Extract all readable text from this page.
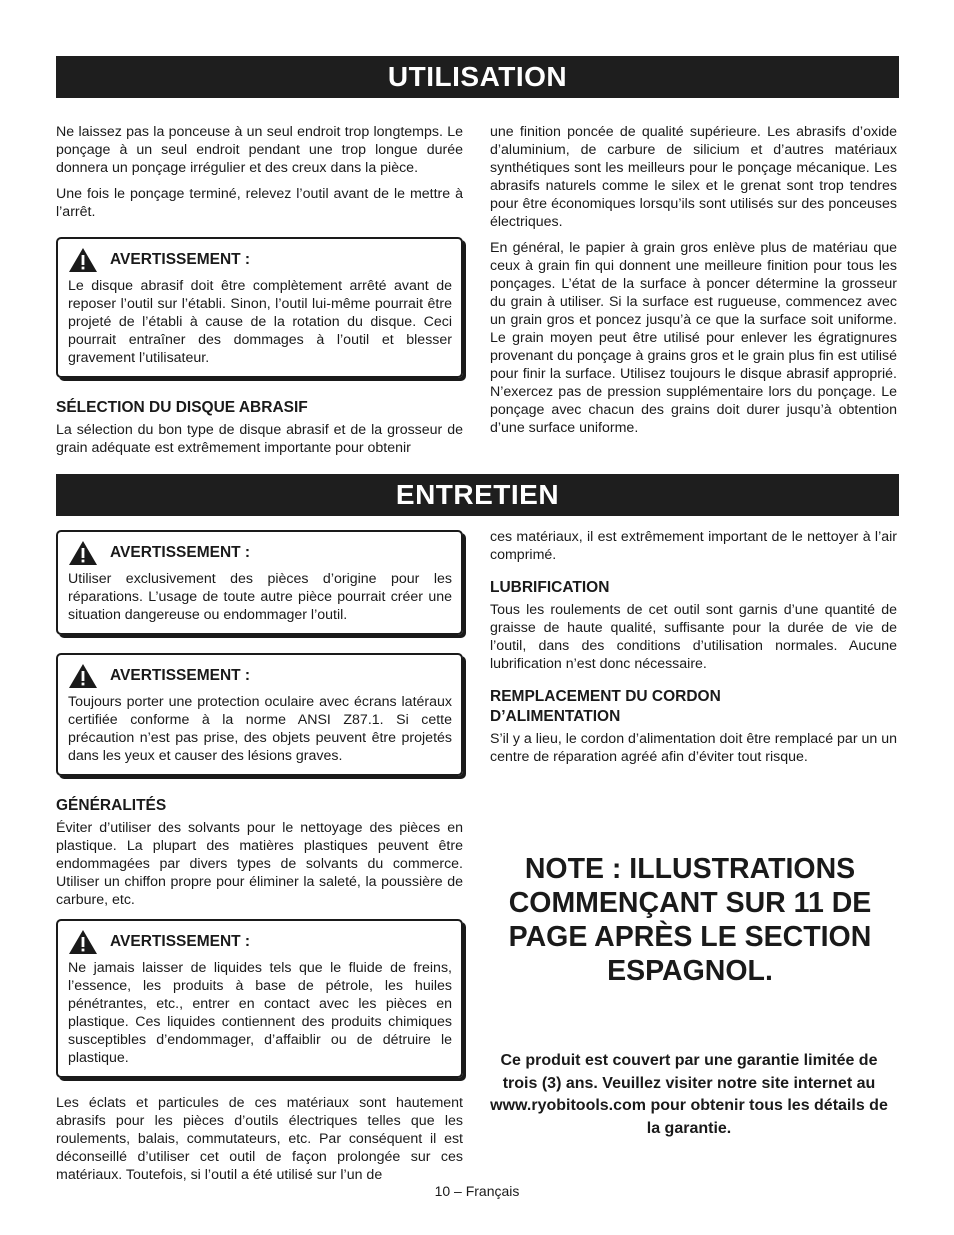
UTILISATION

Ne laissez pas la ponceuse à un seul endroit trop longtemps. Le ponçage à un seul endroit pendant une trop longue durée donnera un ponçage irrégulier et des creux dans la pièce.

Une fois le ponçage terminé, relevez l’outil avant de le mettre à l’arrêt.

AVERTISSEMENT :

Le disque abrasif doit être complètement arrêté avant de reposer l’outil sur l’établi. Sinon, l’outil lui-même pourrait être projeté de l’établi à cause de la rotation du disque. Ceci pourrait entraîner des dommages à l’outil et blesser gravement l’utilisateur.

SÉLECTION DU DISQUE ABRASIF

La sélection du bon type de disque abrasif et de la grosseur de grain adéquate est extrêmement importante pour obtenir

une finition poncée de qualité supérieure. Les abrasifs d’oxide d’aluminium, de carbure de silicium et d’autres matériaux synthétiques sont les meilleurs pour le ponçage mécanique. Les abrasifs naturels comme le silex et le grenat sont trop tendres pour être économiques lorsqu’ils sont utilisés sur des ponceuses électriques.

En général, le papier à grain gros enlève plus de matériau que ceux à grain fin qui donnent une meilleure finition pour tous les ponçages. L’état de la surface à poncer détermine la grosseur du grain à utiliser. Si la surface est rugueuse, commencez avec un grain gros et poncez jusqu’à ce que la surface soit uniforme. Le grain moyen peut être utilisé pour enlever les égratignures provenant du ponçage à grains gros et le grain plus fin est utilisé pour finir la surface. Utilisez toujours le disque abrasif approprié. N’exercez pas de pression supplémentaire lors du ponçage. Le ponçage avec chacun des grains doit durer jusqu’à obtention d’une surface uniforme.

ENTRETIEN
AVERTISSEMENT :

Utiliser exclusivement des pièces d’origine pour les réparations. L’usage de toute autre pièce pourrait créer une situation dangereuse ou endommager l’outil.

AVERTISSEMENT :

Toujours porter une protection oculaire avec écrans latéraux certifiée conforme à la norme ANSI Z87.1. Si cette précaution n’est pas prise, des objets peuvent être projetés dans les yeux et causer des lésions graves.

GÉNÉRALITÉS

Éviter d’utiliser des solvants pour le nettoyage des pièces en plastique. La plupart des matières plastiques peuvent être endommagées par divers types de solvants du commerce. Utiliser un chiffon propre pour éliminer la saleté, la poussière de carbure, etc.

AVERTISSEMENT :

Ne jamais laisser de liquides tels que le fluide de freins, l’essence, les produits à base de pétrole, les huiles pénétrantes, etc., entrer en contact avec les pièces en plastique. Ces liquides contiennent des produits chimiques susceptibles d’endommager, d’affaiblir ou de détruire le plastique.

Les éclats et particules de ces matériaux sont hautement abrasifs pour les pièces d’outils électriques telles que les roulements, balais, commutateurs, etc. Par conséquent il est déconseillé d’utiliser cet outil de façon prolongée sur ces matériaux. Toutefois, si l’outil a été utilisé sur l’un de

ces matériaux, il est extrêmement important de le nettoyer à l’air comprimé.

LUBRIFICATION

Tous les roulements de cet outil sont garnis d’une quantité de graisse de haute qualité, suffisante pour la durée de vie de l’outil, dans des conditions d’utilisation normales. Aucune lubrification n’est donc nécessaire.

REMPLACEMENT DU CORDON D’ALIMENTATION

S’il y a lieu, le cordon d’alimentation doit être remplacé par un un centre de réparation agréé afin d’éviter tout risque.

NOTE : ILLUSTRATIONS COMMENÇANT SUR 11 DE PAGE APRÈS LE SECTION ESPAGNOL.
Ce produit est couvert par une garantie limitée de trois (3) ans. Veuillez visiter notre site internet au www.ryobitools.com pour obtenir tous les détails de la garantie.
10 – Français
